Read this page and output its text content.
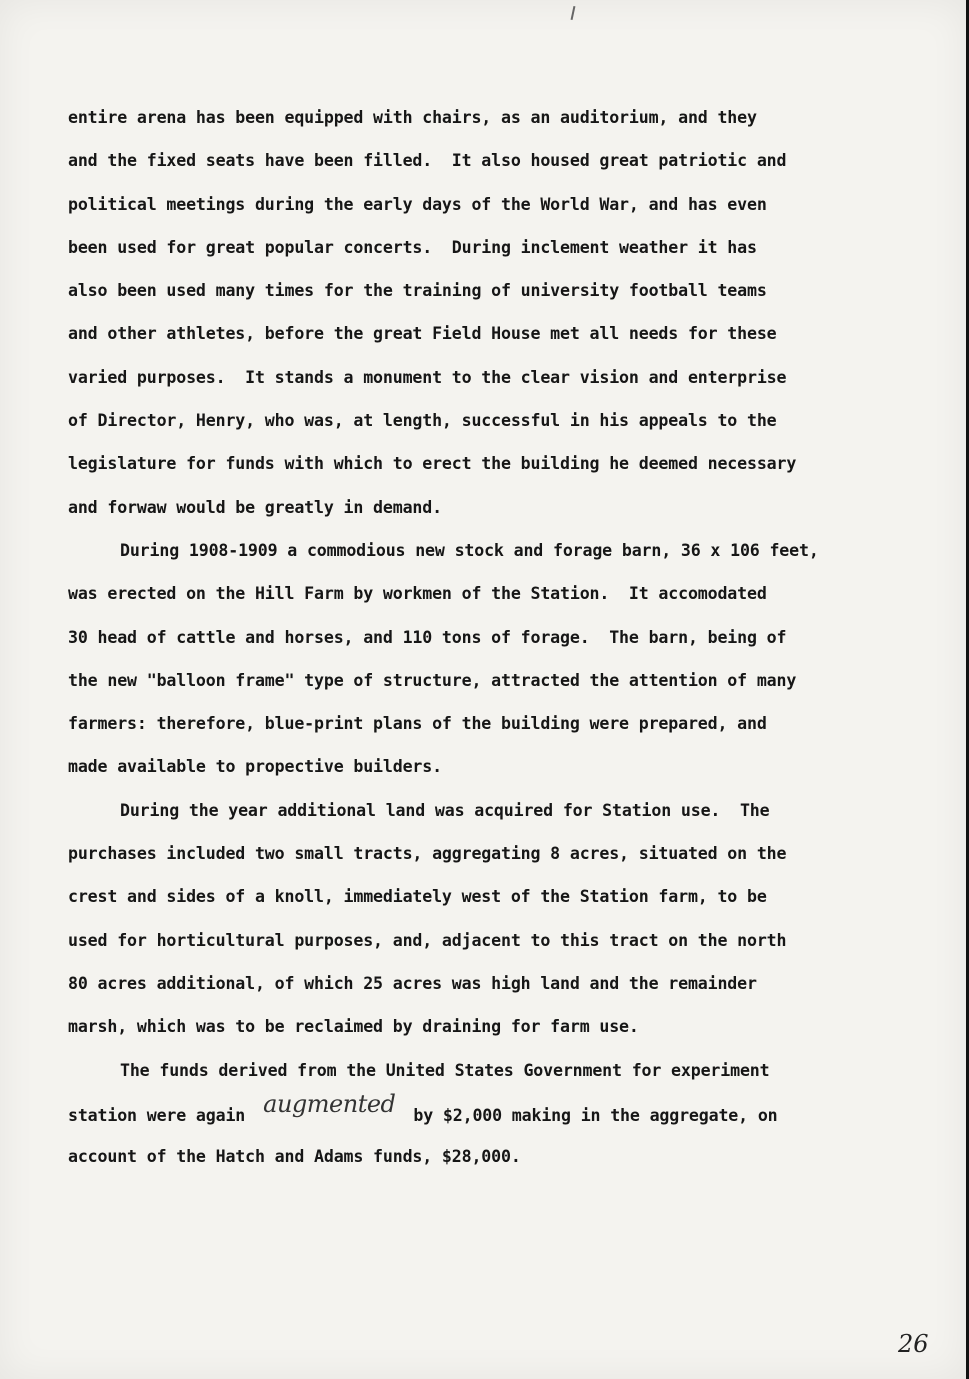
entire arena has been equipped with chairs, as an auditorium, and they
and the fixed seats have been filled.  It also housed great patriotic and
political meetings during the early days of the World War, and has even
been used for great popular concerts.  During inclement weather it has
also been used many times for the training of university football teams
and other athletes, before the great Field House met all needs for these
varied purposes.  It stands a monument to the clear vision and enterprise
of Director, Henry, who was, at length, successful in his appeals to the
legislature for funds with which to erect the building he deemed necessary
and forwaw would be greatly in demand.
During 1908-1909 a commodious new stock and forage barn, 36 x 106 feet,
was erected on the Hill Farm by workmen of the Station.  It accomodated
30 head of cattle and horses, and 110 tons of forage.  The barn, being of
the new "balloon frame" type of structure, attracted the attention of many
farmers: therefore, blue-print plans of the building were prepared, and
made available to propective builders.
During the year additional land was acquired for Station use.  The
purchases included two small tracts, aggregating 8 acres, situated on the
crest and sides of a knoll, immediately west of the Station farm, to be
used for horticultural purposes, and, adjacent to this tract on the north
80 acres additional, of which 25 acres was high land and the remainder
marsh, which was to be reclaimed by draining for farm use.
The funds derived from the United States Government for experiment
station were again augmented by $2,000 making in the aggregate, on
account of the Hatch and Adams funds, $28,000.
26
